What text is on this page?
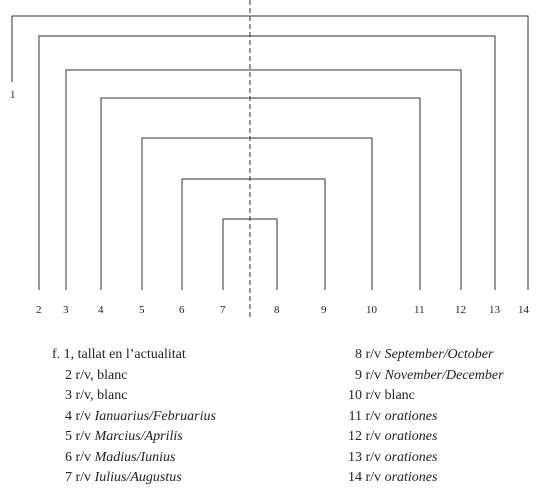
1
2 3	4	5	6	7	8	9	10	11	12 13 14
f. 1, tallat en l’actualitat
2 r/v, blanc
3 r/v, blanc
4 r/v Ianuarius/Februarius
5 r/v Marcius/Aprilis
6 r/v Madius/Iunius
7 r/v Iulius/Augustus
8 r/v September/October
9 r/v November/December
10 r/v blanc
11 r/v orationes
12 r/v orationes
13 r/v orationes
14 r/v orationes
